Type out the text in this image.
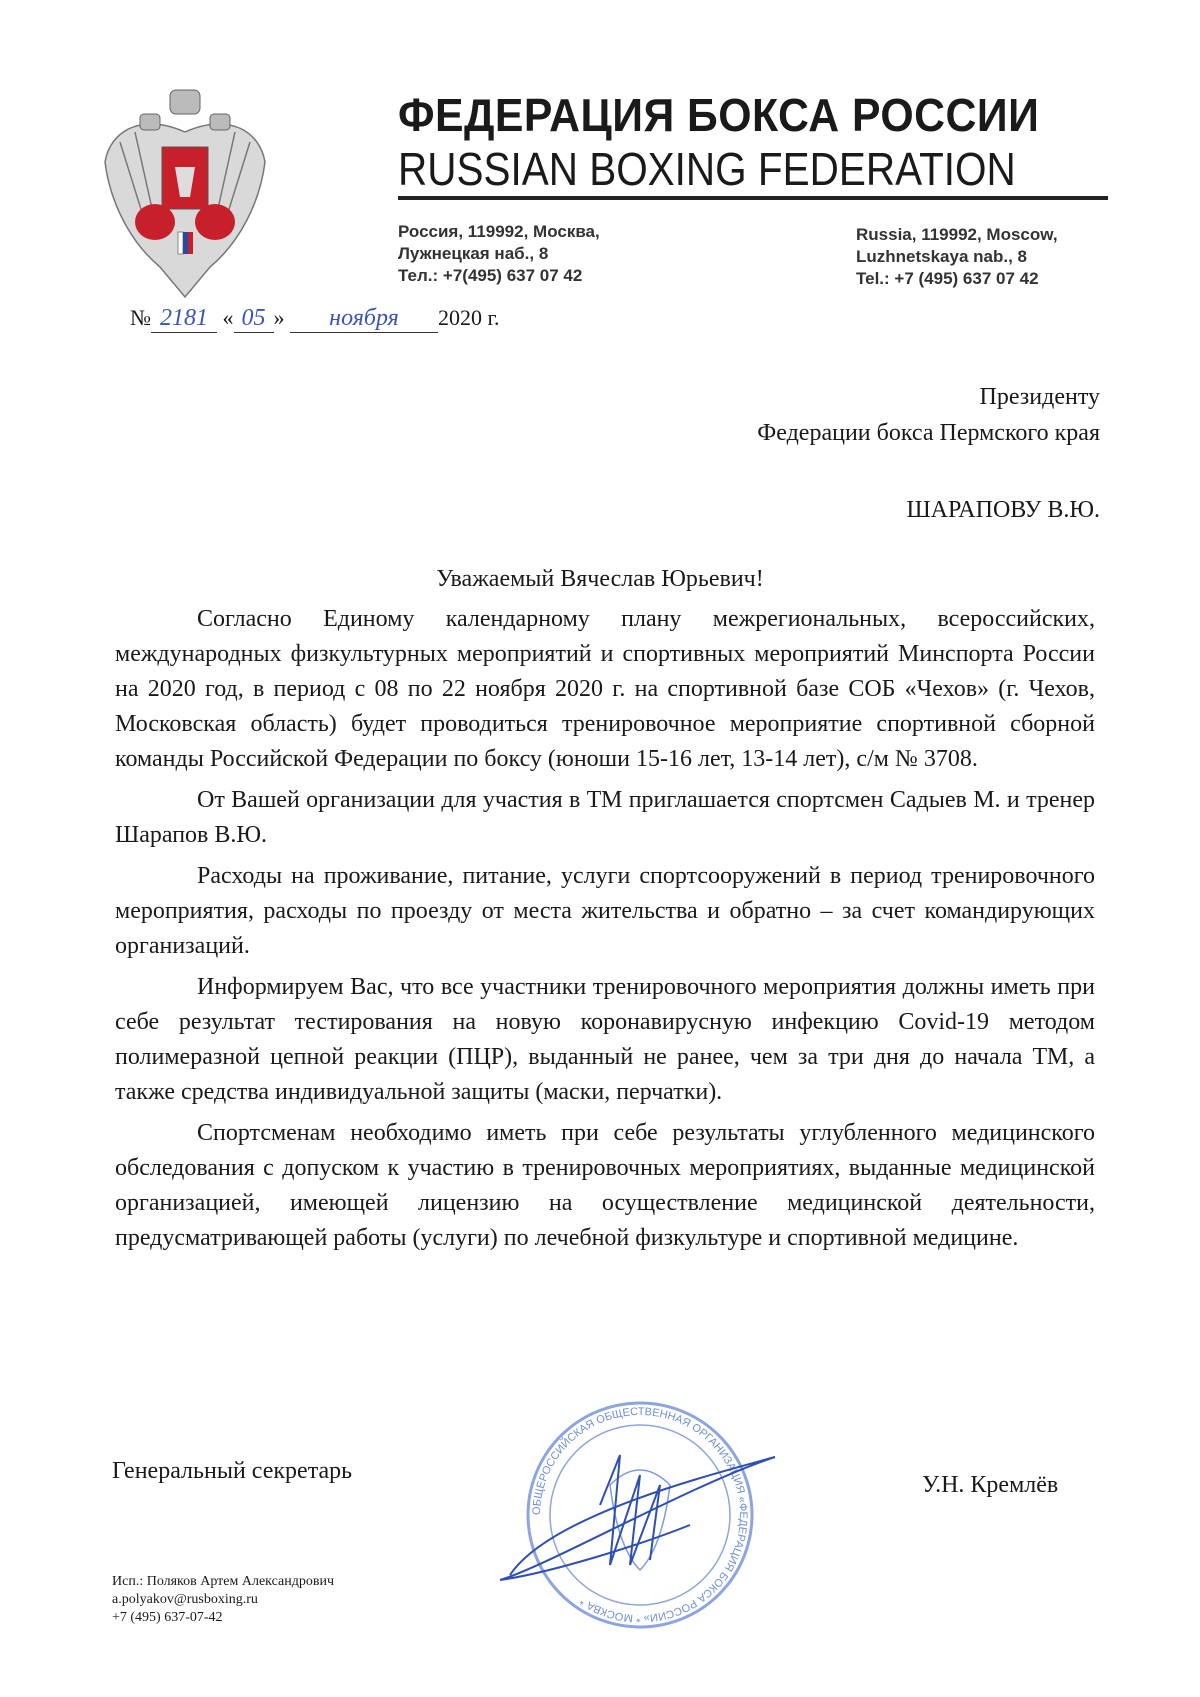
ФЕДЕРАЦИЯ БОКСА РОССИИ
RUSSIAN BOXING FEDERATION
Россия, 119992, Москва,
Лужнецкая наб., 8
Тел.: +7(495) 637 07 42
Russia, 119992, Moscow,
Luzhnetskaya nab., 8
Tel.: +7 (495) 637 07 42
№ 2181 « 05 » ноября 2020 г.
Президенту
Федерации бокса Пермского края
ШАРАПОВУ В.Ю.
Уважаемый Вячеслав Юрьевич!

Согласно Единому календарному плану межрегиональных, всероссийских, международных физкультурных мероприятий и спортивных мероприятий Минспорта России на 2020 год, в период с 08 по 22 ноября 2020 г. на спортивной базе СОБ «Чехов» (г. Чехов, Московская область) будет проводиться тренировочное мероприятие спортивной сборной команды Российской Федерации по боксу (юноши 15-16 лет, 13-14 лет), с/м № 3708.

От Вашей организации для участия в ТМ приглашается спортсмен Садыев М. и тренер Шарапов В.Ю.

Расходы на проживание, питание, услуги спортсооружений в период тренировочного мероприятия, расходы по проезду от места жительства и обратно – за счет командирующих организаций.

Информируем Вас, что все участники тренировочного мероприятия должны иметь при себе результат тестирования на новую коронавирусную инфекцию Covid-19 методом полимеразной цепной реакции (ПЦР), выданный не ранее, чем за три дня до начала ТМ, а также средства индивидуальной защиты (маски, перчатки).

Спортсменам необходимо иметь при себе результаты углубленного медицинского обследования с допуском к участию в тренировочных мероприятиях, выданные медицинской организацией, имеющей лицензию на осуществление медицинской деятельности, предусматривающей работы (услуги) по лечебной физкультуре и спортивной медицине.

Генеральный секретарь
У.Н. Кремлёв
ОБЩЕРОССИЙСКАЯ ОБЩЕСТВЕННАЯ ОРГАНИЗАЦИЯ «ФЕДЕРАЦИЯ БОКСА РОССИИ» * МОСКВА *
Исп.: Поляков Артем Александрович
a.polyakov@rusboxing.ru
+7 (495) 637-07-42
